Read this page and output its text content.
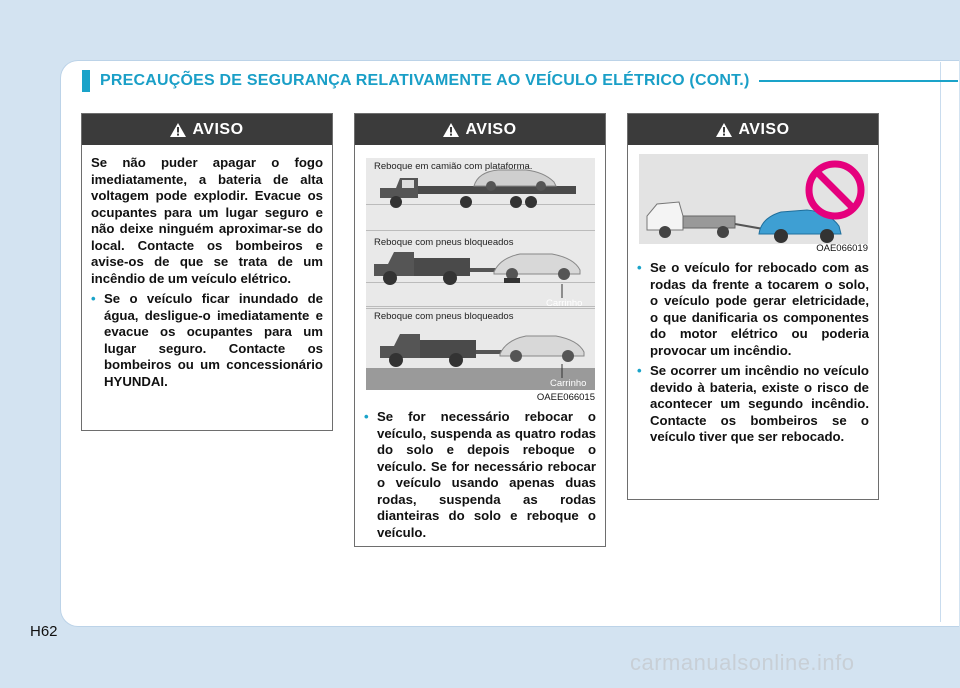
PRECAUÇÕES DE SEGURANÇA RELATIVAMENTE AO VEÍCULO ELÉTRICO (CONT.)
AVISO
Se não puder apagar o fogo imediatamente, a bateria de alta voltagem pode explodir. Evacue os ocupantes para um lugar seguro e não deixe ninguém aproximar-se do local. Contacte os bombeiros e avise-os de que se trata de um incêndio de um veículo elétrico.
• Se o veículo ficar inundado de água, desligue-o imediatamente e evacue os ocupantes para um lugar seguro. Contacte os bombeiros ou um concessionário HYUNDAI.
AVISO
Reboque em camião com plataforma.
Reboque com pneus bloqueados
Reboque com pneus bloqueados
Carrinho
Carrinho
OAEE066015
• Se for necessário rebocar o veículo, suspenda as quatro rodas do solo e depois reboque o veículo. Se for necessário rebocar o veículo usando apenas duas rodas, suspenda as rodas dianteiras do solo e reboque o veículo.
AVISO
OAE066019
• Se o veículo for rebocado com as rodas da frente a tocarem o solo, o veículo pode gerar eletricidade, o que danificaria os componentes do motor elétrico ou poderia provocar um incêndio.
• Se ocorrer um incêndio no veículo devido à bateria, existe o risco de acontecer um segundo incêndio. Contacte os bombeiros se o veículo tiver que ser rebocado.
H62
carmanualsonline.info
